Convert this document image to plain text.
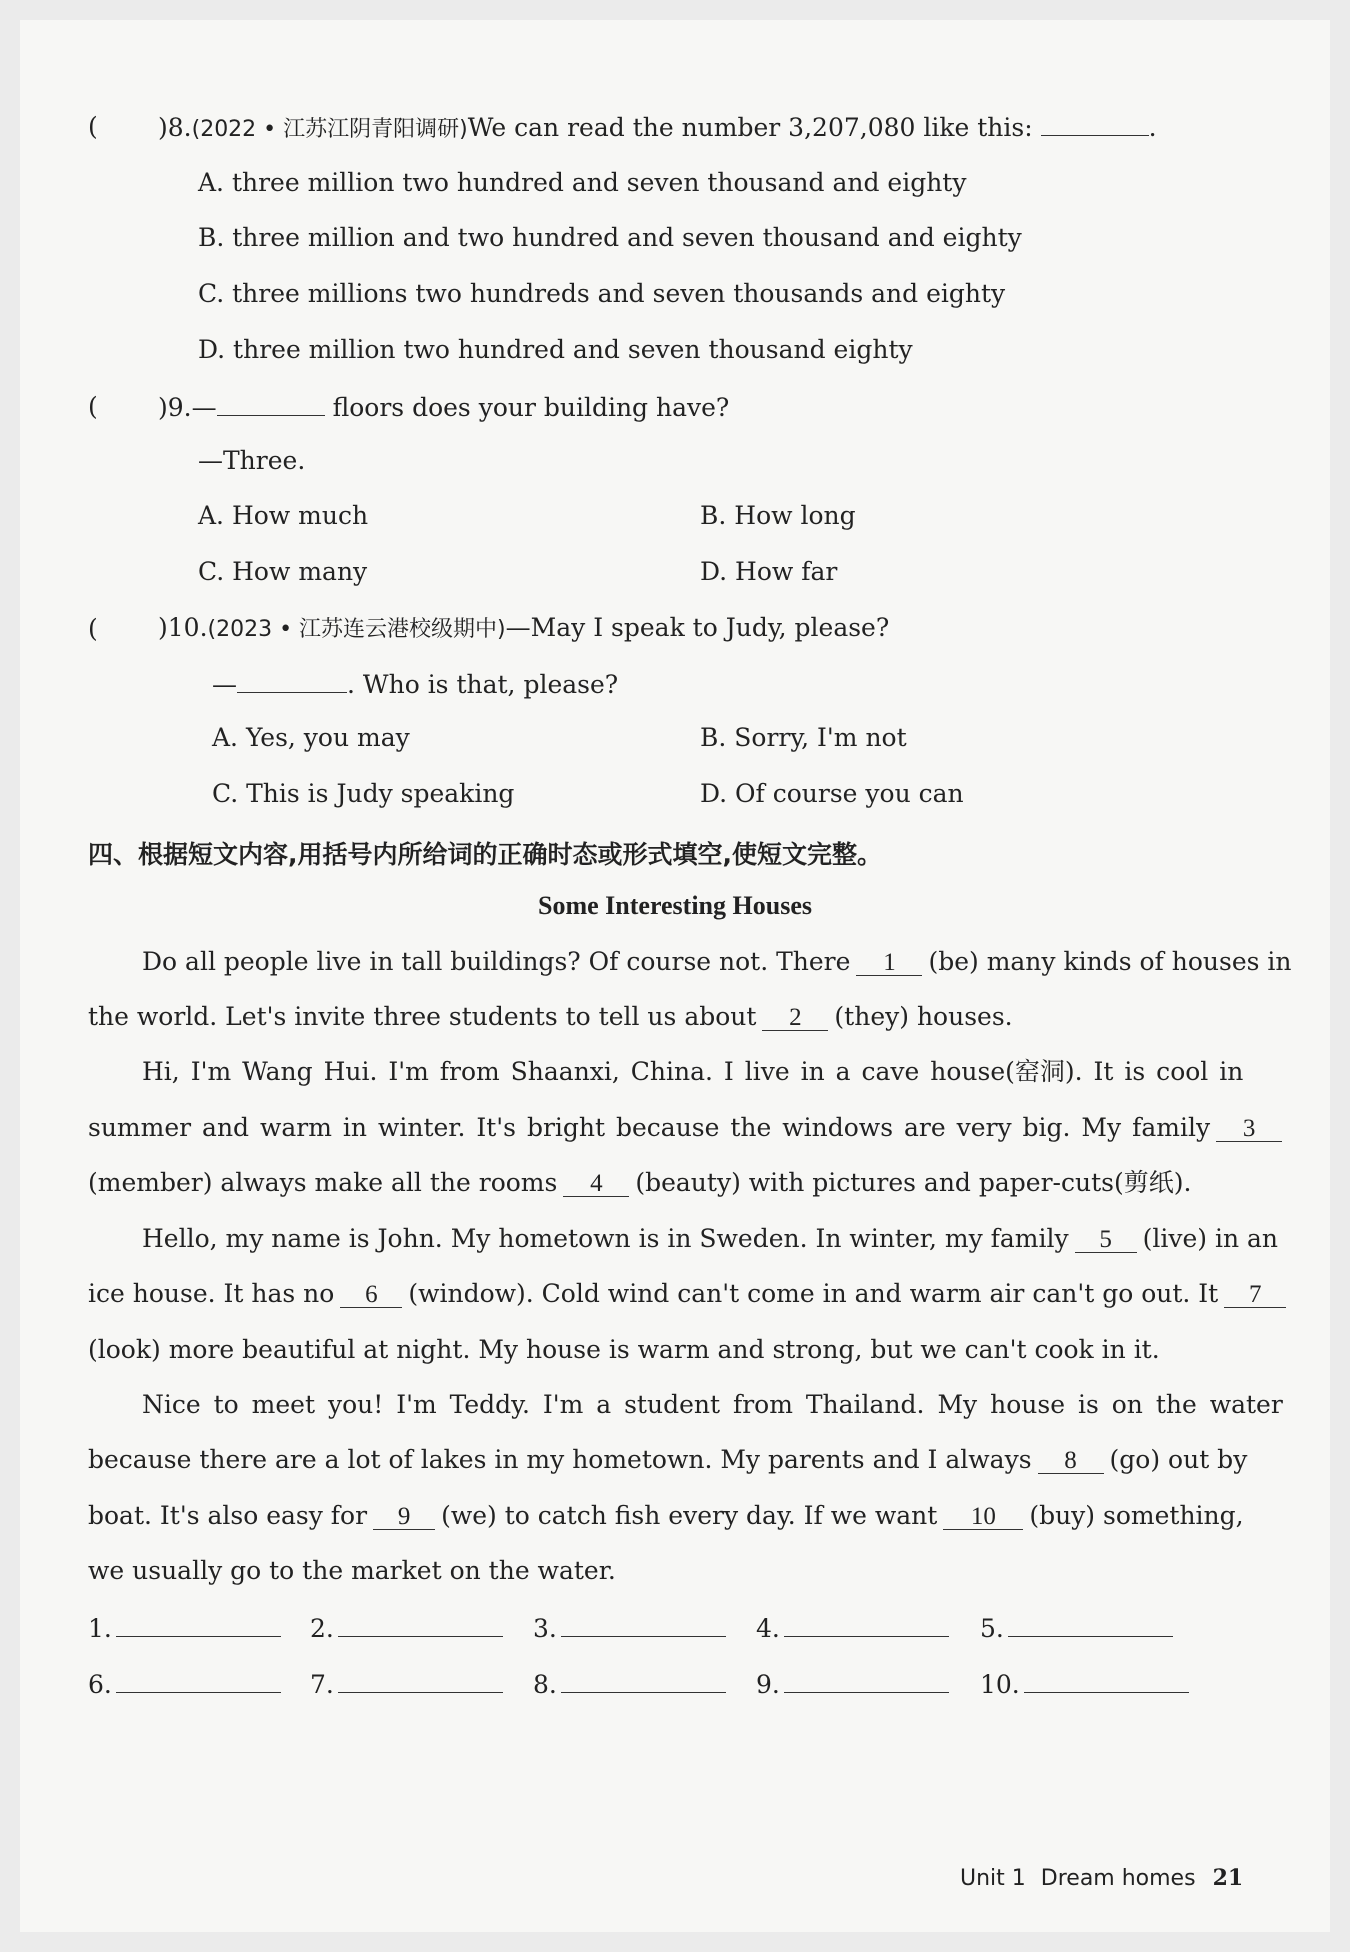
( )8.(2022 • 江苏江阴青阳调研)We can read the number 3,207,080 like this:	.
A. three million two hundred and seven thousand and eighty
B. three million and two hundred and seven thousand and eighty
C. three millions two hundreds and seven thousands and eighty
D. three million two hundred and seven thousand eighty
( )9.—	floors does your building have?
—Three.
A. How much	B. How long
C. How many	D. How far
( )10.(2023 • 江苏连云港校级期中)—May I speak to Judy, please?
—	. Who is that, please?
A. Yes, you may	B. Sorry, I'm not
C. This is Judy speaking	D. Of course you can
四、根据短文内容,用括号内所给词的正确时态或形式填空,使短文完整。
Some Interesting Houses
Do all people live in tall buildings? Of course not. There 1 (be) many kinds of houses in
the world. Let's invite three students to tell us about 2 (they) houses.
Hi, I'm Wang Hui. I'm from Shaanxi, China. I live in a cave house(窑洞). It is cool in
summer and warm in winter. It's bright because the windows are very big. My family 3
(member) always make all the rooms 4 (beauty) with pictures and paper-cuts(剪纸).
Hello, my name is John. My hometown is in Sweden. In winter, my family 5 (live) in an
ice house. It has no 6 (window). Cold wind can't come in and warm air can't go out. It 7
(look) more beautiful at night. My house is warm and strong, but we can't cook in it.
Nice to meet you! I'm Teddy. I'm a student from Thailand. My house is on the water
because there are a lot of lakes in my hometown. My parents and I always 8 (go) out by
boat. It's also easy for 9 (we) to catch fish every day. If we want 10 (buy) something,
we usually go to the market on the water.
1.	2.	3.	4.	5.
6.	7.	8.	9.	10.
Unit 1 Dream homes 21
